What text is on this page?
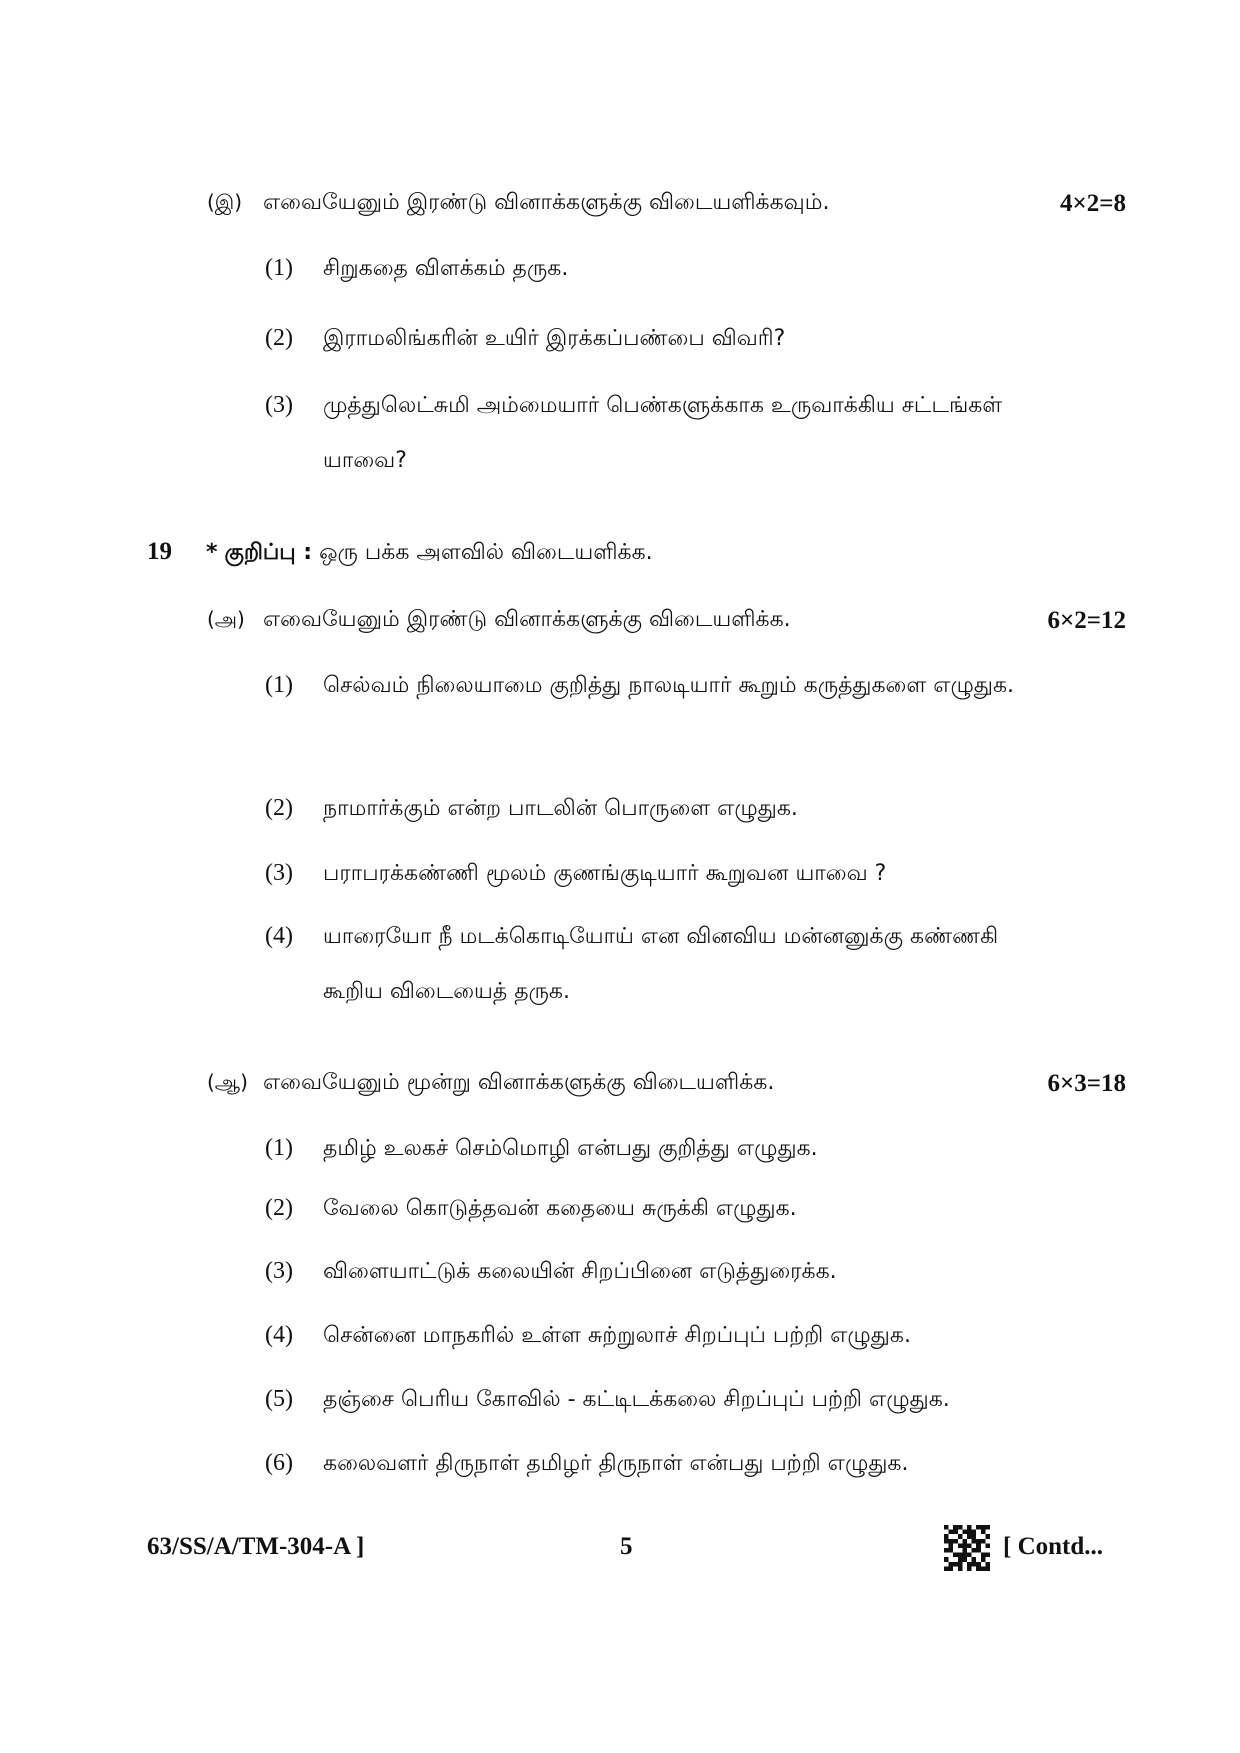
(இ) எவையேனும் இரண்டு வினாக்களுக்கு விடையளிக்கவும்.	4×2=8
(1) சிறுகதை விளக்கம் தருக.
(2) இராமலிங்கரின் உயிர் இரக்கப்பண்பை விவரி?
(3) முத்துலெட்சுமி அம்மையார் பெண்களுக்காக உருவாக்கிய சட்டங்கள் யாவை?
19 * குறிப்பு : ஒரு பக்க அளவில் விடையளிக்க.
(அ) எவையேனும் இரண்டு வினாக்களுக்கு விடையளிக்க.	6×2=12
(1) செல்வம் நிலையாமை குறித்து நாலடியார் கூறும் கருத்துகளை எழுதுக.
(2) நாமார்க்கும் என்ற பாடலின் பொருளை எழுதுக.
(3) பராபரக்கண்ணி மூலம் குணங்குடியார் கூறுவன யாவை ?
(4) யாரையோ நீ மடக்கொடியோய் என வினவிய மன்னனுக்கு கண்ணகி கூறிய விடையைத் தருக.
(ஆ) எவையேனும் மூன்று வினாக்களுக்கு விடையளிக்க.	6×3=18
(1) தமிழ் உலகச் செம்மொழி என்பது குறித்து எழுதுக.
(2) வேலை கொடுத்தவன் கதையை சுருக்கி எழுதுக.
(3) விளையாட்டுக் கலையின் சிறப்பினை எடுத்துரைக்க.
(4) சென்னை மாநகரில் உள்ள சுற்றுலாச் சிறப்புப் பற்றி எழுதுக.
(5) தஞ்சை பெரிய கோவில் - கட்டிடக்கலை சிறப்புப் பற்றி எழுதுக.
(6) கலைவளர் திருநாள் தமிழர் திருநாள் என்பது பற்றி எழுதுக.
63/SS/A/TM-304-A ]	5	[ Contd...
